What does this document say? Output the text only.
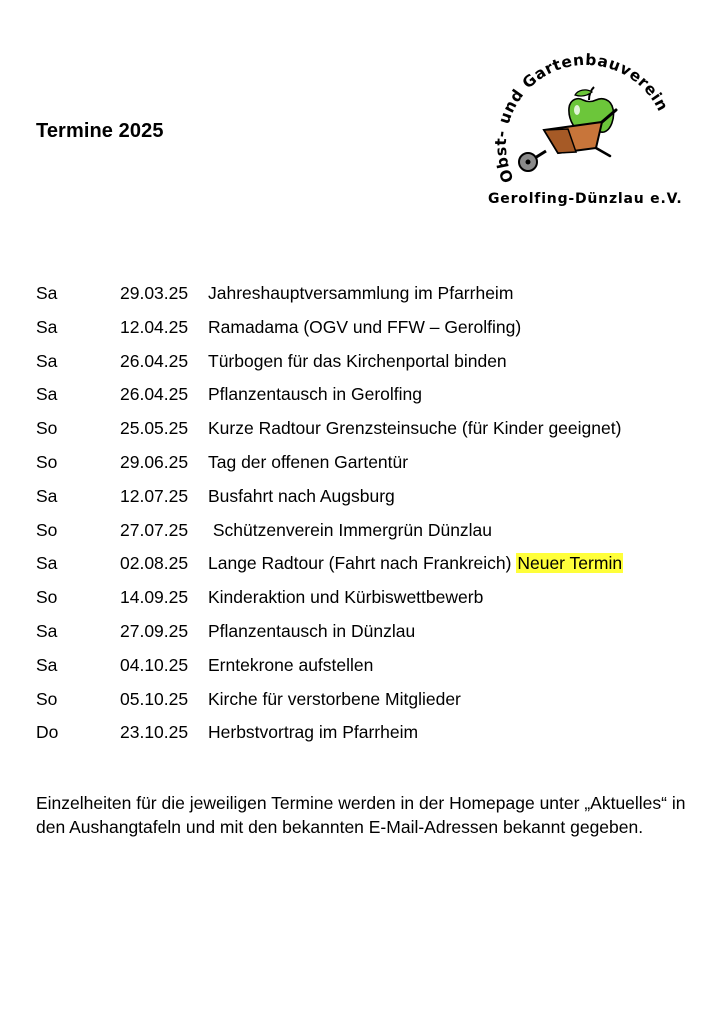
Termine 2025
Obst- und Gartenbauverein
Gerolfing-Dünzlau e.V.
Sa	29.03.25	Jahreshauptversammlung im Pfarrheim
Sa	12.04.25	Ramadama (OGV und FFW – Gerolfing)
Sa	26.04.25	Türbogen für das Kirchenportal binden
Sa	26.04.25	Pflanzentausch in Gerolfing
So	25.05.25	Kurze Radtour Grenzsteinsuche (für Kinder geeignet)
So	29.06.25	Tag der offenen Gartentür
Sa	12.07.25	Busfahrt nach Augsburg
So	27.07.25	Schützenverein Immergrün Dünzlau
Sa	02.08.25	Lange Radtour (Fahrt nach Frankreich) Neuer Termin
So	14.09.25	Kinderaktion und Kürbiswettbewerb
Sa	27.09.25	Pflanzentausch in Dünzlau
Sa	04.10.25	Erntekrone aufstellen
So	05.10.25	Kirche für verstorbene Mitglieder
Do	23.10.25	Herbstvortrag im Pfarrheim

Einzelheiten für die jeweiligen Termine werden in der Homepage unter „Aktuelles“ in den Aushangtafeln und mit den bekannten E-Mail-Adressen bekannt gegeben.
